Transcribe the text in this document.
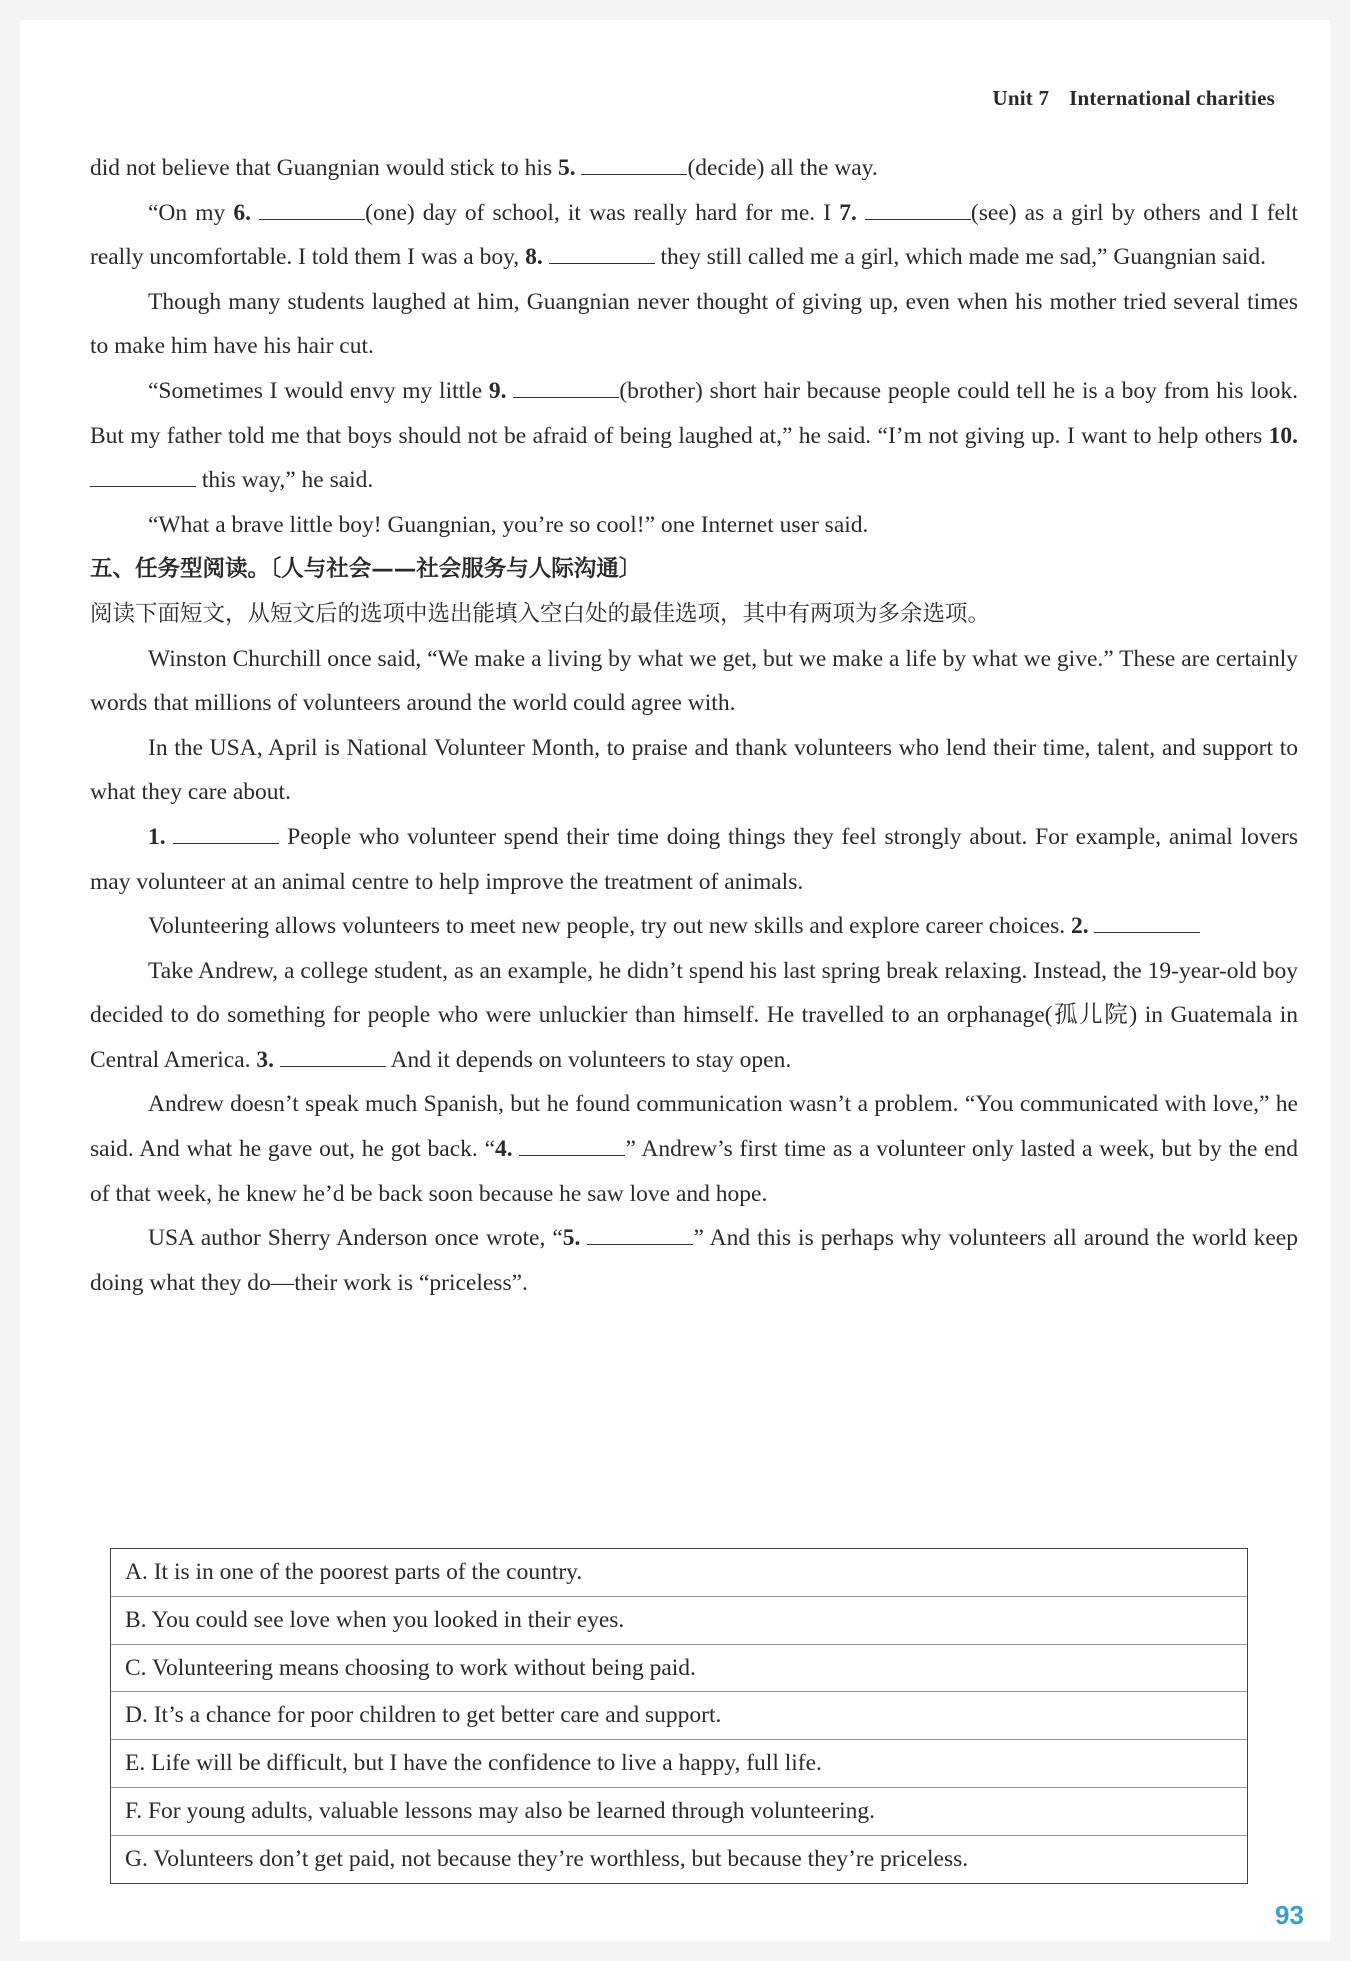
Unit 7 International charities

did not believe that Guangnian would stick to his 5.	(decide) all the way.

“On my 6.	(one) day of school, it was really hard for me. I 7.	(see) as a girl by others and I felt really uncomfortable. I told them I was a boy, 8.	they still called me a girl, which made me sad,” Guangnian said.

Though many students laughed at him, Guangnian never thought of giving up, even when his mother tried several times to make him have his hair cut.

“Sometimes I would envy my little 9.	(brother) short hair because people could tell he is a boy from his look. But my father told me that boys should not be afraid of being laughed at,” he said. “I’m not giving up. I want to help others 10.  this way,” he said.

“What a brave little boy! Guangnian, you’re so cool!” one Internet user said.

五、任务型阅读。〔人与社会——社会服务与人际沟通〕

阅读下面短文，从短文后的选项中选出能填入空白处的最佳选项，其中有两项为多余选项。

Winston Churchill once said, “We make a living by what we get, but we make a life by what we give.” These are certainly words that millions of volunteers around the world could agree with.

In the USA, April is National Volunteer Month, to praise and thank volunteers who lend their time, talent, and support to what they care about.

1.	People who volunteer spend their time doing things they feel strongly about. For example, animal lovers may volunteer at an animal centre to help improve the treatment of animals.

Volunteering allows volunteers to meet new people, try out new skills and explore career choices. 2.

Take Andrew, a college student, as an example, he didn’t spend his last spring break relaxing. Instead, the 19-year-old boy decided to do something for people who were unluckier than himself. He travelled to an orphanage(孤儿院) in Guatemala in Central America. 3.	And it depends on volunteers to stay open.

Andrew doesn’t speak much Spanish, but he found communication wasn’t a problem. “You communicated with love,” he said. And what he gave out, he got back. “4.	” Andrew’s first time as a volunteer only lasted a week, but by the end of that week, he knew he’d be back soon because he saw love and hope.

USA author Sherry Anderson once wrote, “5.	” And this is perhaps why volunteers all around the world keep doing what they do—their work is “priceless”.

A. It is in one of the poorest parts of the country.
B. You could see love when you looked in their eyes.
C. Volunteering means choosing to work without being paid.
D. It’s a chance for poor children to get better care and support.
E. Life will be difficult, but I have the confidence to live a happy, full life.
F. For young adults, valuable lessons may also be learned through volunteering.
G. Volunteers don’t get paid, not because they’re worthless, but because they’re priceless.
93
